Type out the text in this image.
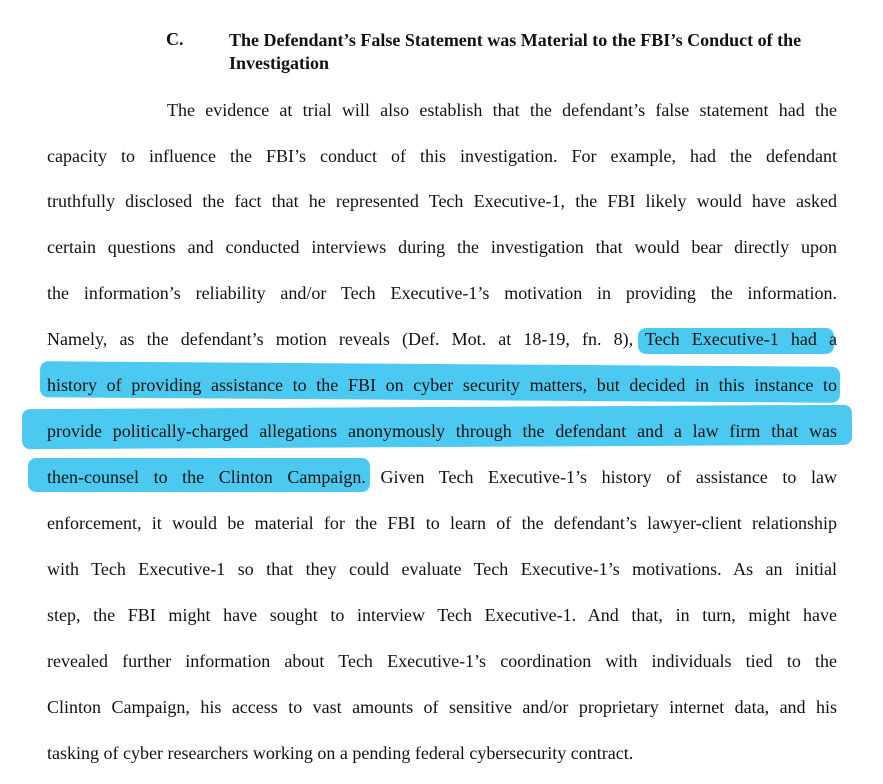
C.	The Defendant’s False Statement was Material to the FBI’s Conduct of the Investigation
The evidence at trial will also establish that the defendant’s false statement had the
capacity to influence the FBI’s conduct of this investigation. For example, had the defendant
truthfully disclosed the fact that he represented Tech Executive-1, the FBI likely would have asked
certain questions and conducted interviews during the investigation that would bear directly upon
the information’s reliability and/or Tech Executive-1’s motivation in providing the information.
Namely, as the defendant’s motion reveals (Def. Mot. at 18-19, fn. 8), Tech Executive-1 had a
history of providing assistance to the FBI on cyber security matters, but decided in this instance to
provide politically-charged allegations anonymously through the defendant and a law firm that was
then-counsel to the Clinton Campaign. Given Tech Executive-1’s history of assistance to law
enforcement, it would be material for the FBI to learn of the defendant’s lawyer-client relationship
with Tech Executive-1 so that they could evaluate Tech Executive-1’s motivations. As an initial
step, the FBI might have sought to interview Tech Executive-1. And that, in turn, might have
revealed further information about Tech Executive-1’s coordination with individuals tied to the
Clinton Campaign, his access to vast amounts of sensitive and/or proprietary internet data, and his
tasking of cyber researchers working on a pending federal cybersecurity contract.
